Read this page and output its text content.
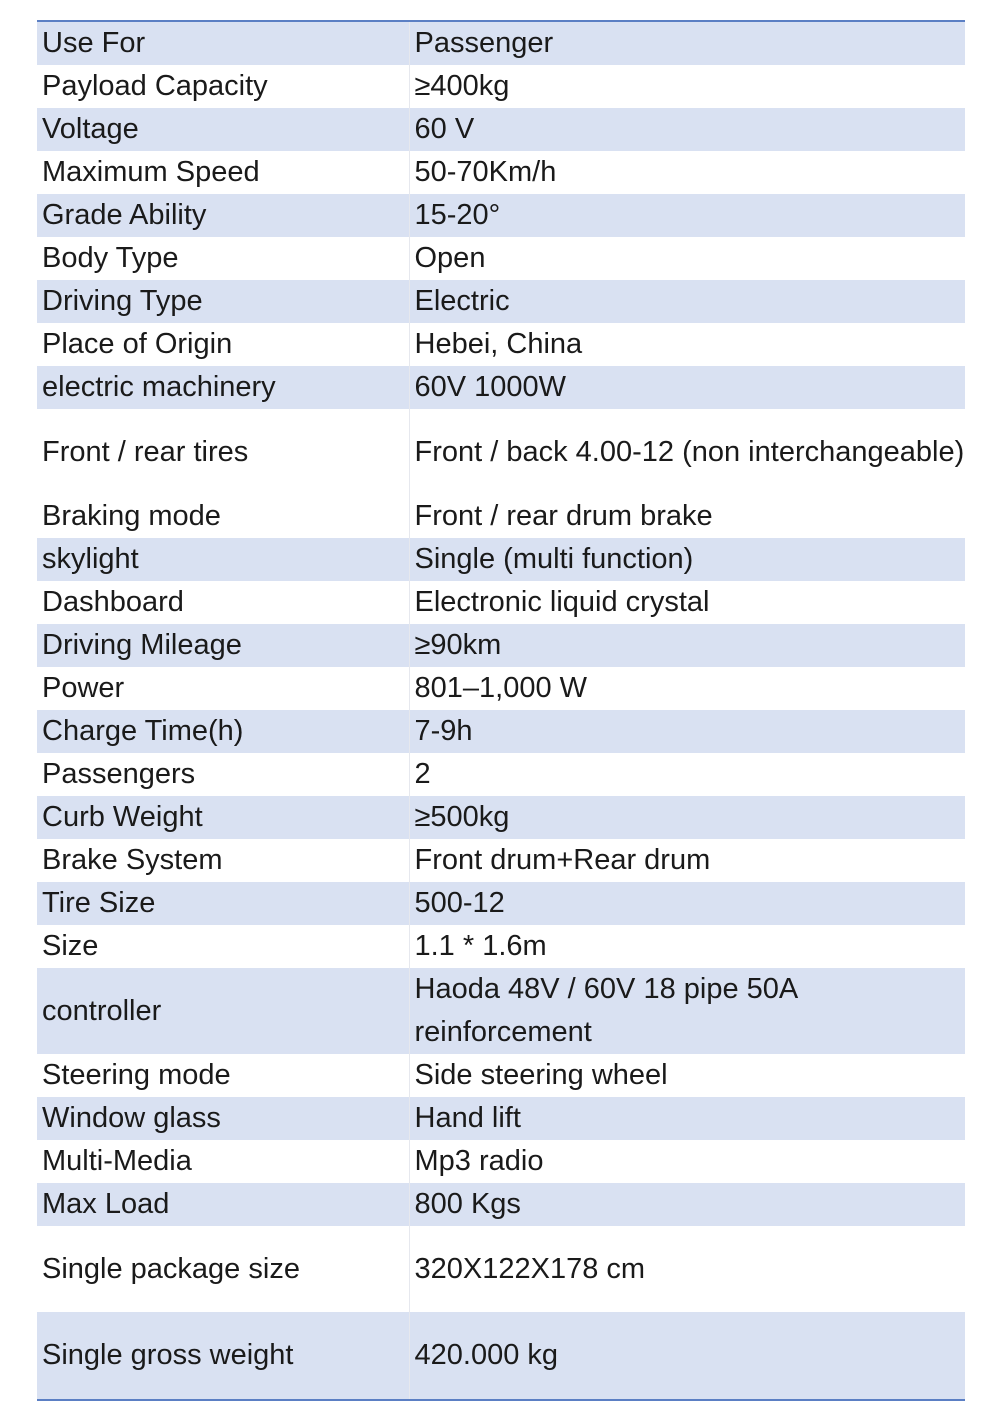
Use For	Passenger
Payload Capacity	≥400kg
Voltage	60 V
Maximum Speed	50-70Km/h
Grade Ability	15-20°
Body Type	Open
Driving Type	Electric
Place of Origin	Hebei, China
electric machinery	60V 1000W
Front / rear tires	Front / back 4.00-12 (non interchangeable)
Braking mode	Front / rear drum brake
skylight	Single (multi function)
Dashboard	Electronic liquid crystal
Driving Mileage	≥90km
Power	801–1,000 W
Charge Time(h)	7-9h
Passengers	2
Curb Weight	≥500kg
Brake System	Front drum+Rear drum
Tire Size	500-12
Size	1.1 * 1.6m
controller	Haoda 48V / 60V 18 pipe 50A reinforcement
Steering mode	Side steering wheel
Window glass	Hand lift
Multi-Media	Mp3 radio
Max Load	800 Kgs
Single package size	320X122X178 cm
Single gross weight	420.000 kg
